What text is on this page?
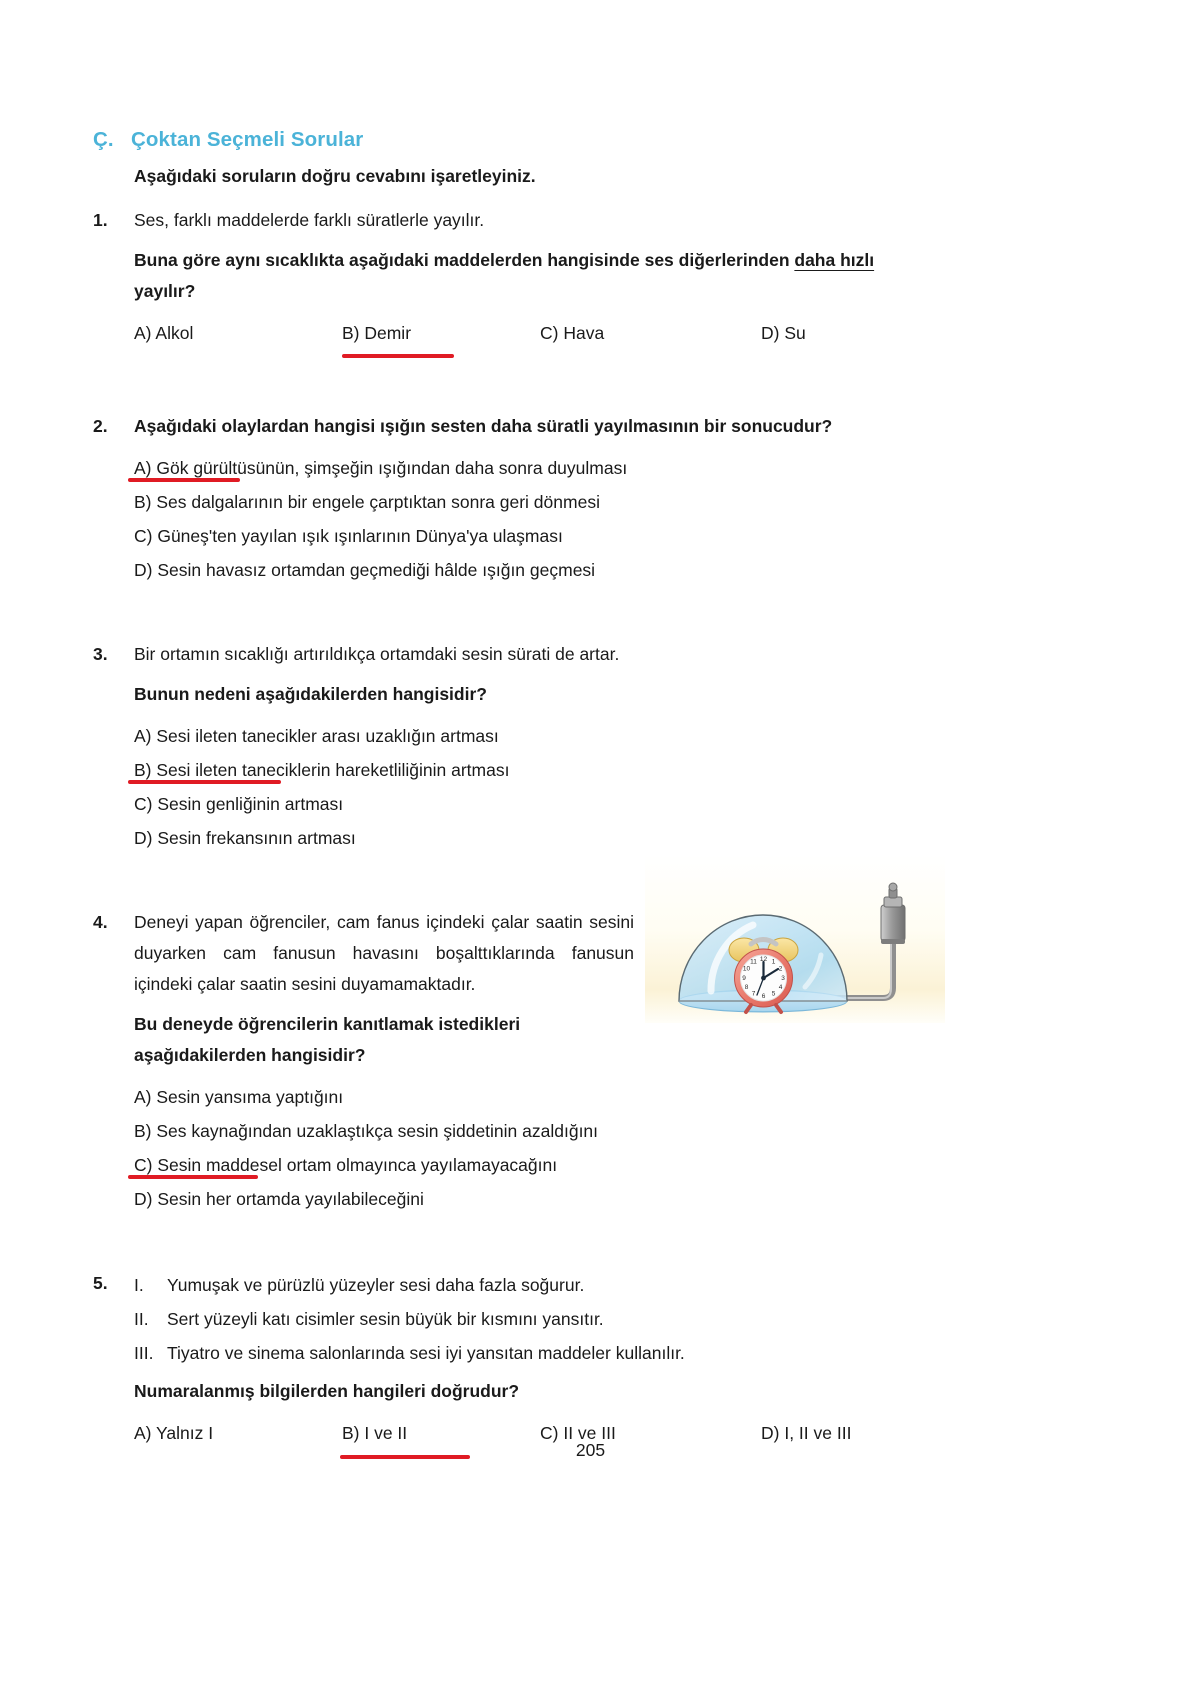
Ç. Çoktan Seçmeli Sorular
Aşağıdaki soruların doğru cevabını işaretleyiniz.
1.	Ses, farklı maddelerde farklı süratlerle yayılır.
Buna göre aynı sıcaklıkta aşağıdaki maddelerden hangisinde ses diğerlerinden daha hızlı
yayılır?
A) Alkol	B) Demir	C) Hava	D) Su
2.	Aşağıdaki olaylardan hangisi ışığın sesten daha süratli yayılmasının bir sonucudur?
A) Gök gürültüsünün, şimşeğin ışığından daha sonra duyulması
B) Ses dalgalarının bir engele çarptıktan sonra geri dönmesi
C) Güneş'ten yayılan ışık ışınlarının Dünya'ya ulaşması
D) Sesin havasız ortamdan geçmediği hâlde ışığın geçmesi
3.	Bir ortamın sıcaklığı artırıldıkça ortamdaki sesin sürati de artar.
Bunun nedeni aşağıdakilerden hangisidir?
A) Sesi ileten tanecikler arası uzaklığın artması
B) Sesi ileten taneciklerin hareketliliğinin artması
C) Sesin genliğinin artması
D) Sesin frekansının artması
4.	Deneyi yapan öğrenciler, cam fanus içindeki çalar saatin sesini duyarken cam fanusun havasını boşalttıklarında fanusun içindeki çalar saatin sesini duyamamaktadır.
Bu deneyde öğrencilerin kanıtlamak istedikleri
aşağıdakilerden hangisidir?
A) Sesin yansıma yaptığını
B) Ses kaynağından uzaklaştıkça sesin şiddetinin azaldığını
C) Sesin maddesel ortam olmayınca yayılamayacağını
D) Sesin her ortamda yayılabileceğini
5.	I.	Yumuşak ve pürüzlü yüzeyler sesi daha fazla soğurur.
II.	Sert yüzeyli katı cisimler sesin büyük bir kısmını yansıtır.
III. Tiyatro ve sinema salonlarında sesi iyi yansıtan maddeler kullanılır.
Numaralanmış bilgilerden hangileri doğrudur?
A) Yalnız I	B) I ve II	C) II ve III	D) I, II ve III
12 1
2
3
4
5
6
7
8
9
10
11
205
